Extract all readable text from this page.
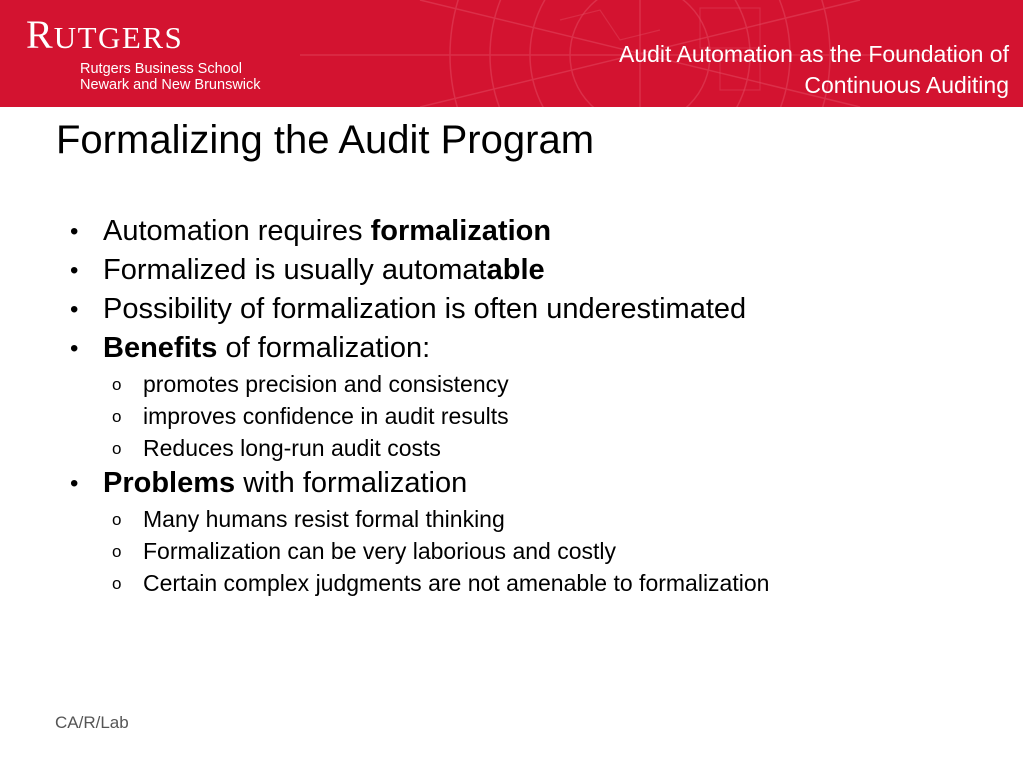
RUTGERS
Rutgers Business School
Newark and New Brunswick
Audit Automation as the Foundation of
Continuous Auditing
Formalizing the Audit Program
• Automation requires formalization
• Formalized is usually automatable
• Possibility of formalization is often underestimated
• Benefits of formalization:
o promotes precision and consistency
o improves confidence in audit results
o Reduces long-run audit costs
• Problems with formalization
o Many humans resist formal thinking
o Formalization can be very laborious and costly
o Certain complex judgments are not amenable to formalization
CA/R/Lab
